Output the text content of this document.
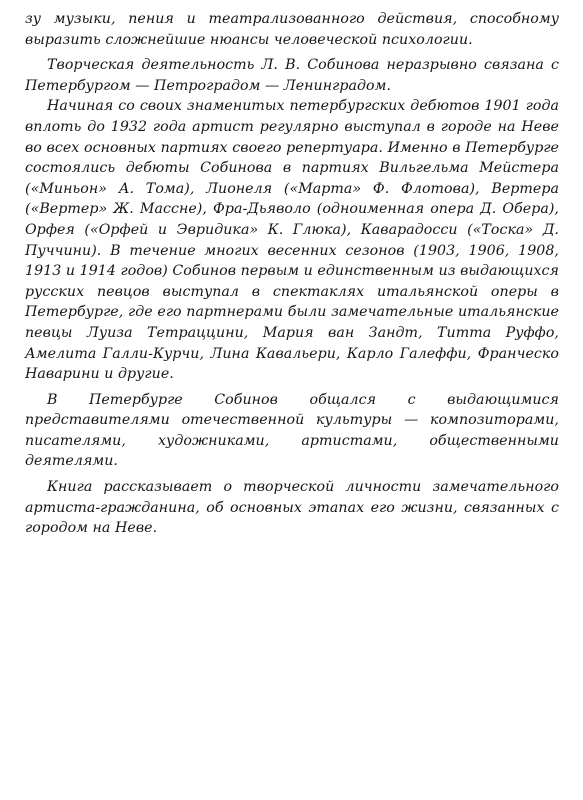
зу музыки, пения и театрализованного действия, способному выразить сложнейшие нюансы человеческой психологии.

Творческая деятельность Л. В. Собинова неразрывно связана с Петербургом — Петроградом — Ленинградом.

Начиная со своих знаменитых петербургских дебютов 1901 года вплоть до 1932 года артист регулярно выступал в городе на Неве во всех основных партиях своего репертуара. Именно в Петербурге состоялись дебюты Собинова в партиях Вильгельма Мейстера («Миньон» А. Тома), Лионеля («Марта» Ф. Флотова), Вертера («Вертер» Ж. Массне), Фра-Дьяволо (одноименная опера Д. Обера), Орфея («Орфей и Эвридика» К. Глюка), Каварадосси («Тоска» Д. Пуччини). В течение многих весенних сезонов (1903, 1906, 1908, 1913 и 1914 годов) Собинов первым и единственным из выдающихся русских певцов выступал в спектаклях итальянской оперы в Петербурге, где его партнерами были замечательные итальянские певцы Луиза Тетраццини, Мария ван Зандт, Титта Руффо, Амелита Галли-Курчи, Лина Кавальери, Карло Галеффи, Франческо Наварини и другие.

В Петербурге Собинов общался с выдающимися представителями отечественной культуры — композиторами, писателями, художниками, артистами, общественными деятелями.

Книга рассказывает о творческой личности замечательного артиста-гражданина, об основных этапах его жизни, связанных с городом на Неве.
